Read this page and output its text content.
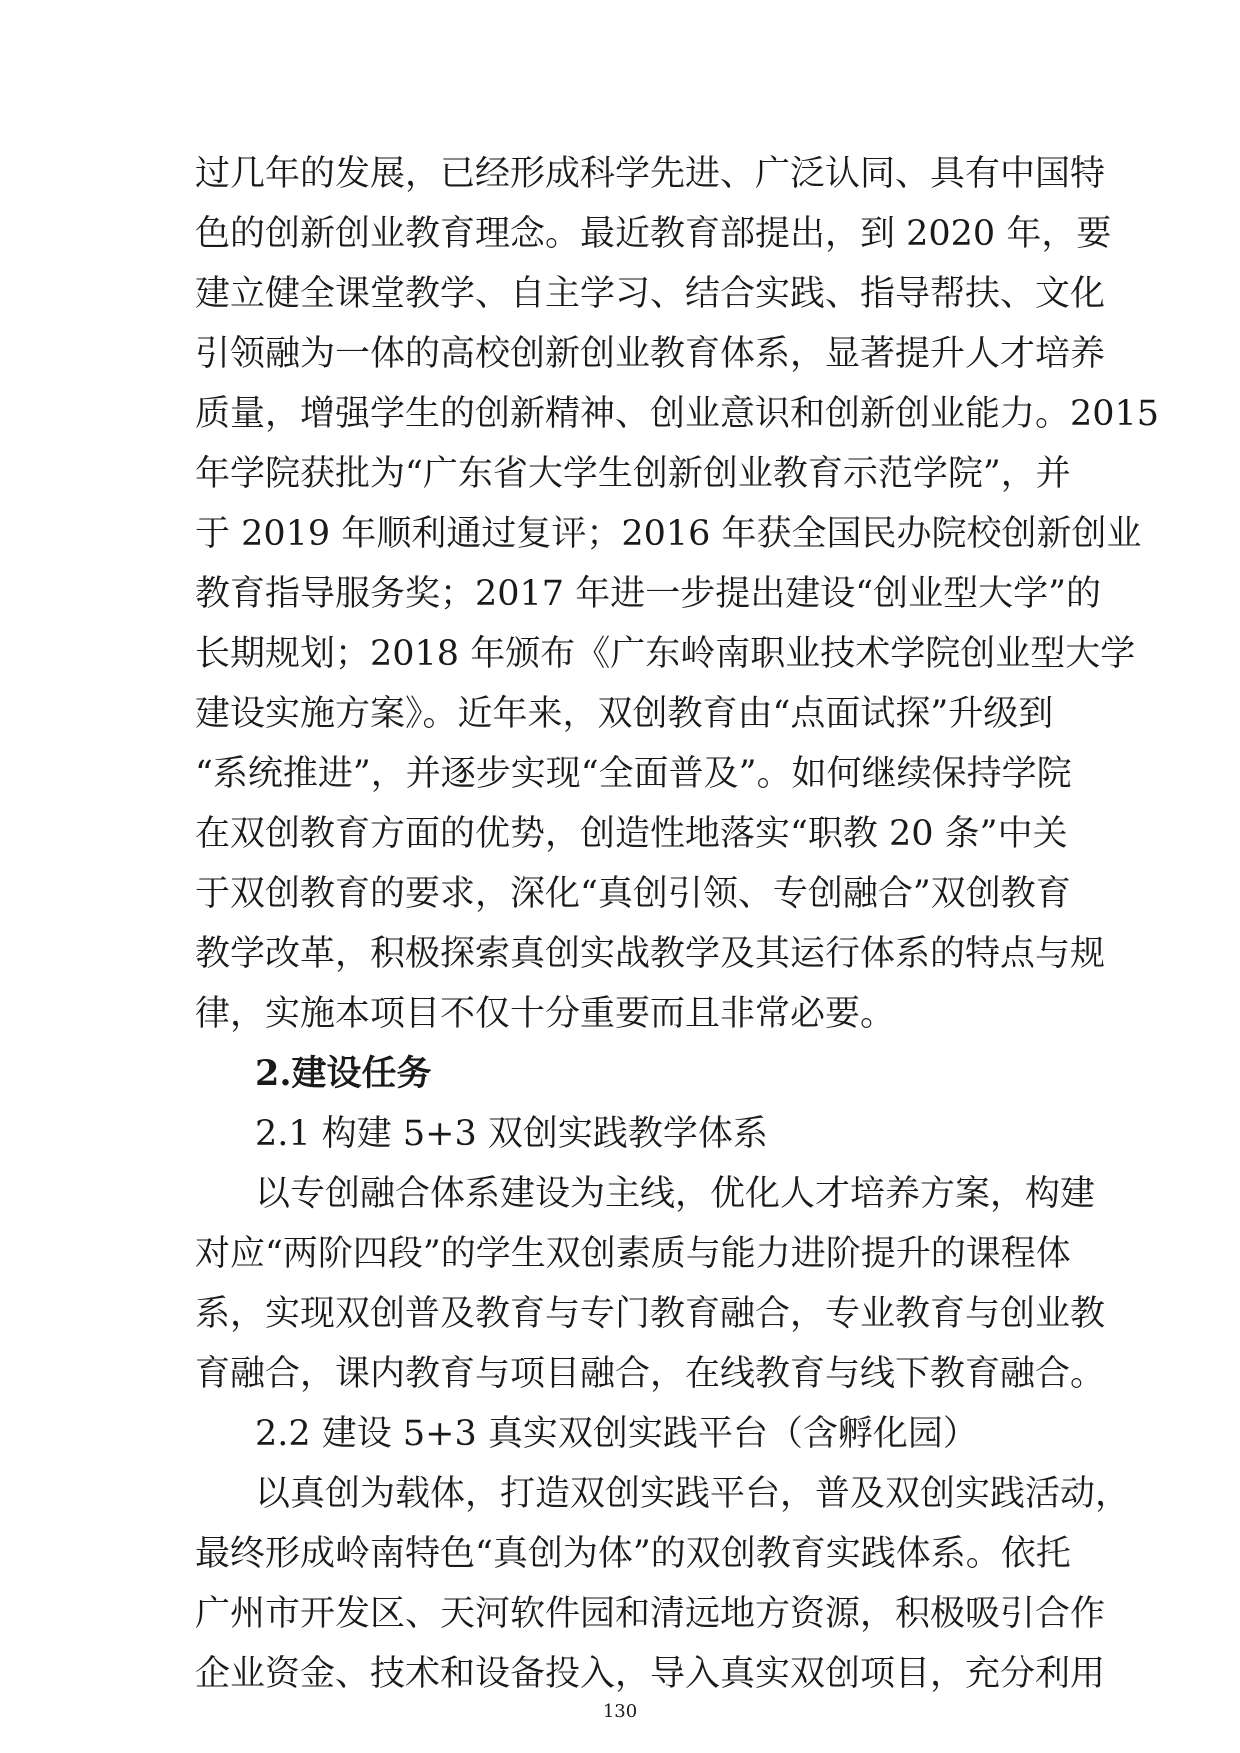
过几年的发展，已经形成科学先进、广泛认同、具有中国特
色的创新创业教育理念。最近教育部提出，到 2020 年，要
建立健全课堂教学、自主学习、结合实践、指导帮扶、文化
引领融为一体的高校创新创业教育体系，显著提升人才培养
质量，增强学生的创新精神、创业意识和创新创业能力。2015
年学院获批为“广东省大学生创新创业教育示范学院”，并
于 2019 年顺利通过复评；2016 年获全国民办院校创新创业
教育指导服务奖；2017 年进一步提出建设“创业型大学”的
长期规划；2018 年颁布《广东岭南职业技术学院创业型大学
建设实施方案》。近年来，双创教育由“点面试探”升级到
“系统推进”，并逐步实现“全面普及”。如何继续保持学院
在双创教育方面的优势，创造性地落实“职教 20 条”中关
于双创教育的要求，深化“真创引领、专创融合”双创教育
教学改革，积极探索真创实战教学及其运行体系的特点与规
律，实施本项目不仅十分重要而且非常必要。
2.建设任务
2.1 构建 5+3 双创实践教学体系
以专创融合体系建设为主线，优化人才培养方案，构建
对应“两阶四段”的学生双创素质与能力进阶提升的课程体
系，实现双创普及教育与专门教育融合，专业教育与创业教
育融合，课内教育与项目融合，在线教育与线下教育融合。
2.2 建设 5+3 真实双创实践平台（含孵化园）
以真创为载体，打造双创实践平台，普及双创实践活动，
最终形成岭南特色“真创为体”的双创教育实践体系。依托
广州市开发区、天河软件园和清远地方资源，积极吸引合作
企业资金、技术和设备投入，导入真实双创项目，充分利用
130
